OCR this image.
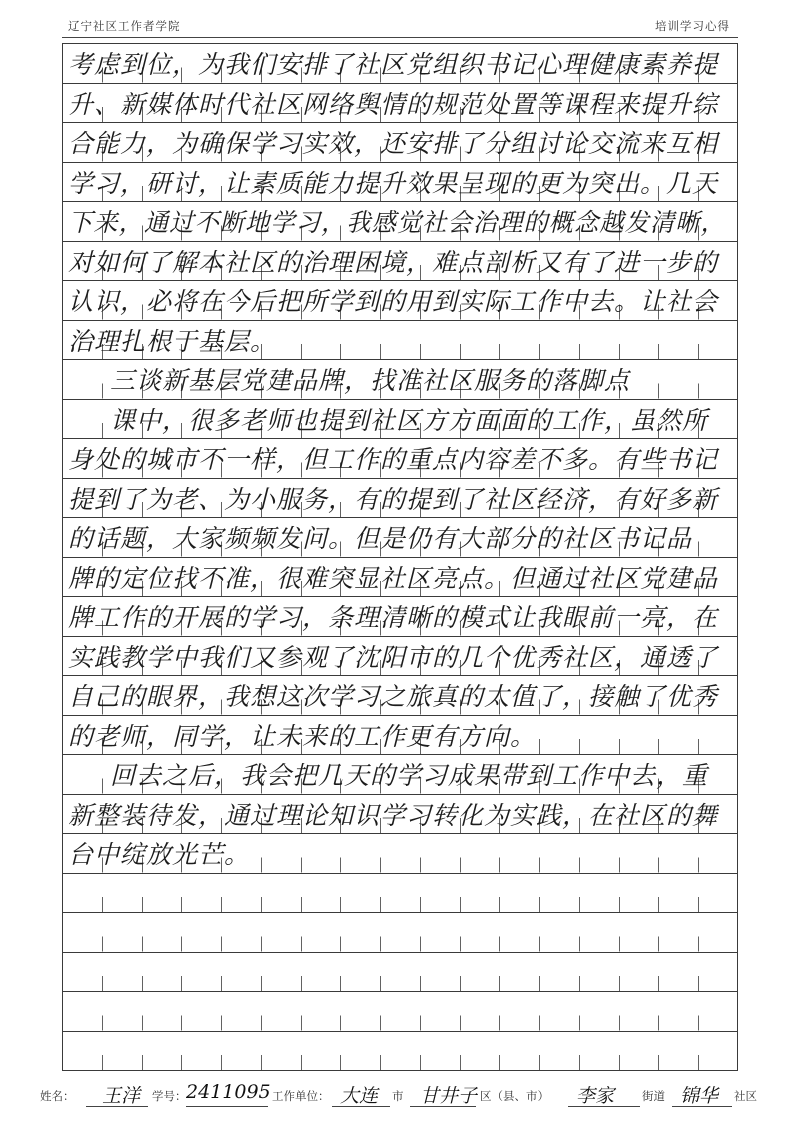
辽宁社区工作者学院	培训学习心得
考虑到位，为我们安排了社区党组织书记心理健康素养提
升、新媒体时代社区网络舆情的规范处置等课程来提升综
合能力，为确保学习实效，还安排了分组讨论交流来互相
学习，研讨，让素质能力提升效果呈现的更为突出。几天
下来，通过不断地学习，我感觉社会治理的概念越发清晰，
对如何了解本社区的治理困境，难点剖析又有了进一步的
认识，必将在今后把所学到的用到实际工作中去。让社会
治理扎根于基层。
三谈新基层党建品牌，找准社区服务的落脚点
课中，很多老师也提到社区方方面面的工作，虽然所
身处的城市不一样，但工作的重点内容差不多。有些书记
提到了为老、为小服务，有的提到了社区经济，有好多新
的话题，大家频频发问。但是仍有大部分的社区书记品
牌的定位找不准，很难突显社区亮点。但通过社区党建品
牌工作的开展的学习，条理清晰的模式让我眼前一亮，在
实践教学中我们又参观了沈阳市的几个优秀社区，通透了
自己的眼界，我想这次学习之旅真的太值了，接触了优秀
的老师，同学，让未来的工作更有方向。
回去之后，我会把几天的学习成果带到工作中去，重
新整装待发，通过理论知识学习转化为实践，在社区的舞
台中绽放光芒。
姓名： 王洋 学号： 2411095 工作单位： 大连 市 甘井子 区（县、市） 李家 街道 锦华 社区
